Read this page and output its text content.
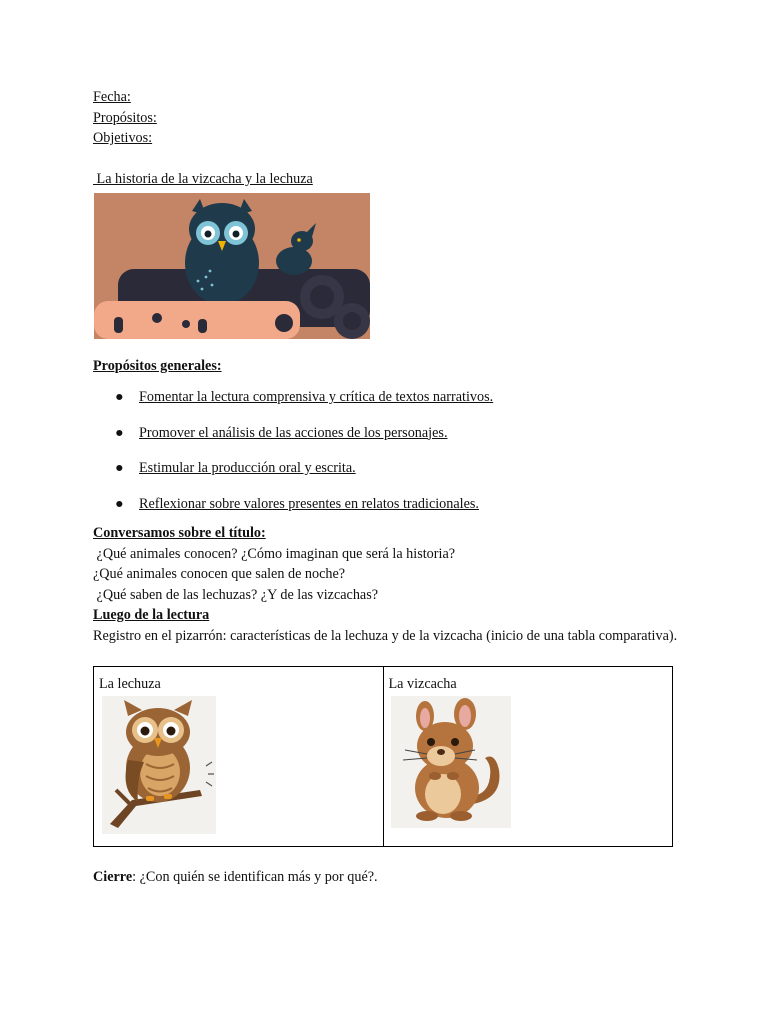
Fecha:
Propósitos:
Objetivos:
La historia de la vizcacha y la lechuza
Propósitos generales:
● Fomentar la lectura comprensiva y crítica de textos narrativos.
● Promover el análisis de las acciones de los personajes.
● Estimular la producción oral y escrita.
● Reflexionar sobre valores presentes en relatos tradicionales.
Conversamos sobre el título:
¿Qué animales conocen? ¿Cómo imaginan que será la historia?
¿Qué animales conocen que salen de noche?
¿Qué saben de las lechuzas? ¿Y de las vizcachas?
Luego de la lectura
Registro en el pizarrón: características de la lechuza y de la vizcacha (inicio de una tabla comparativa).
La lechuza	La vizcacha
Cierre: ¿Con quién se identifican más y por qué?.
